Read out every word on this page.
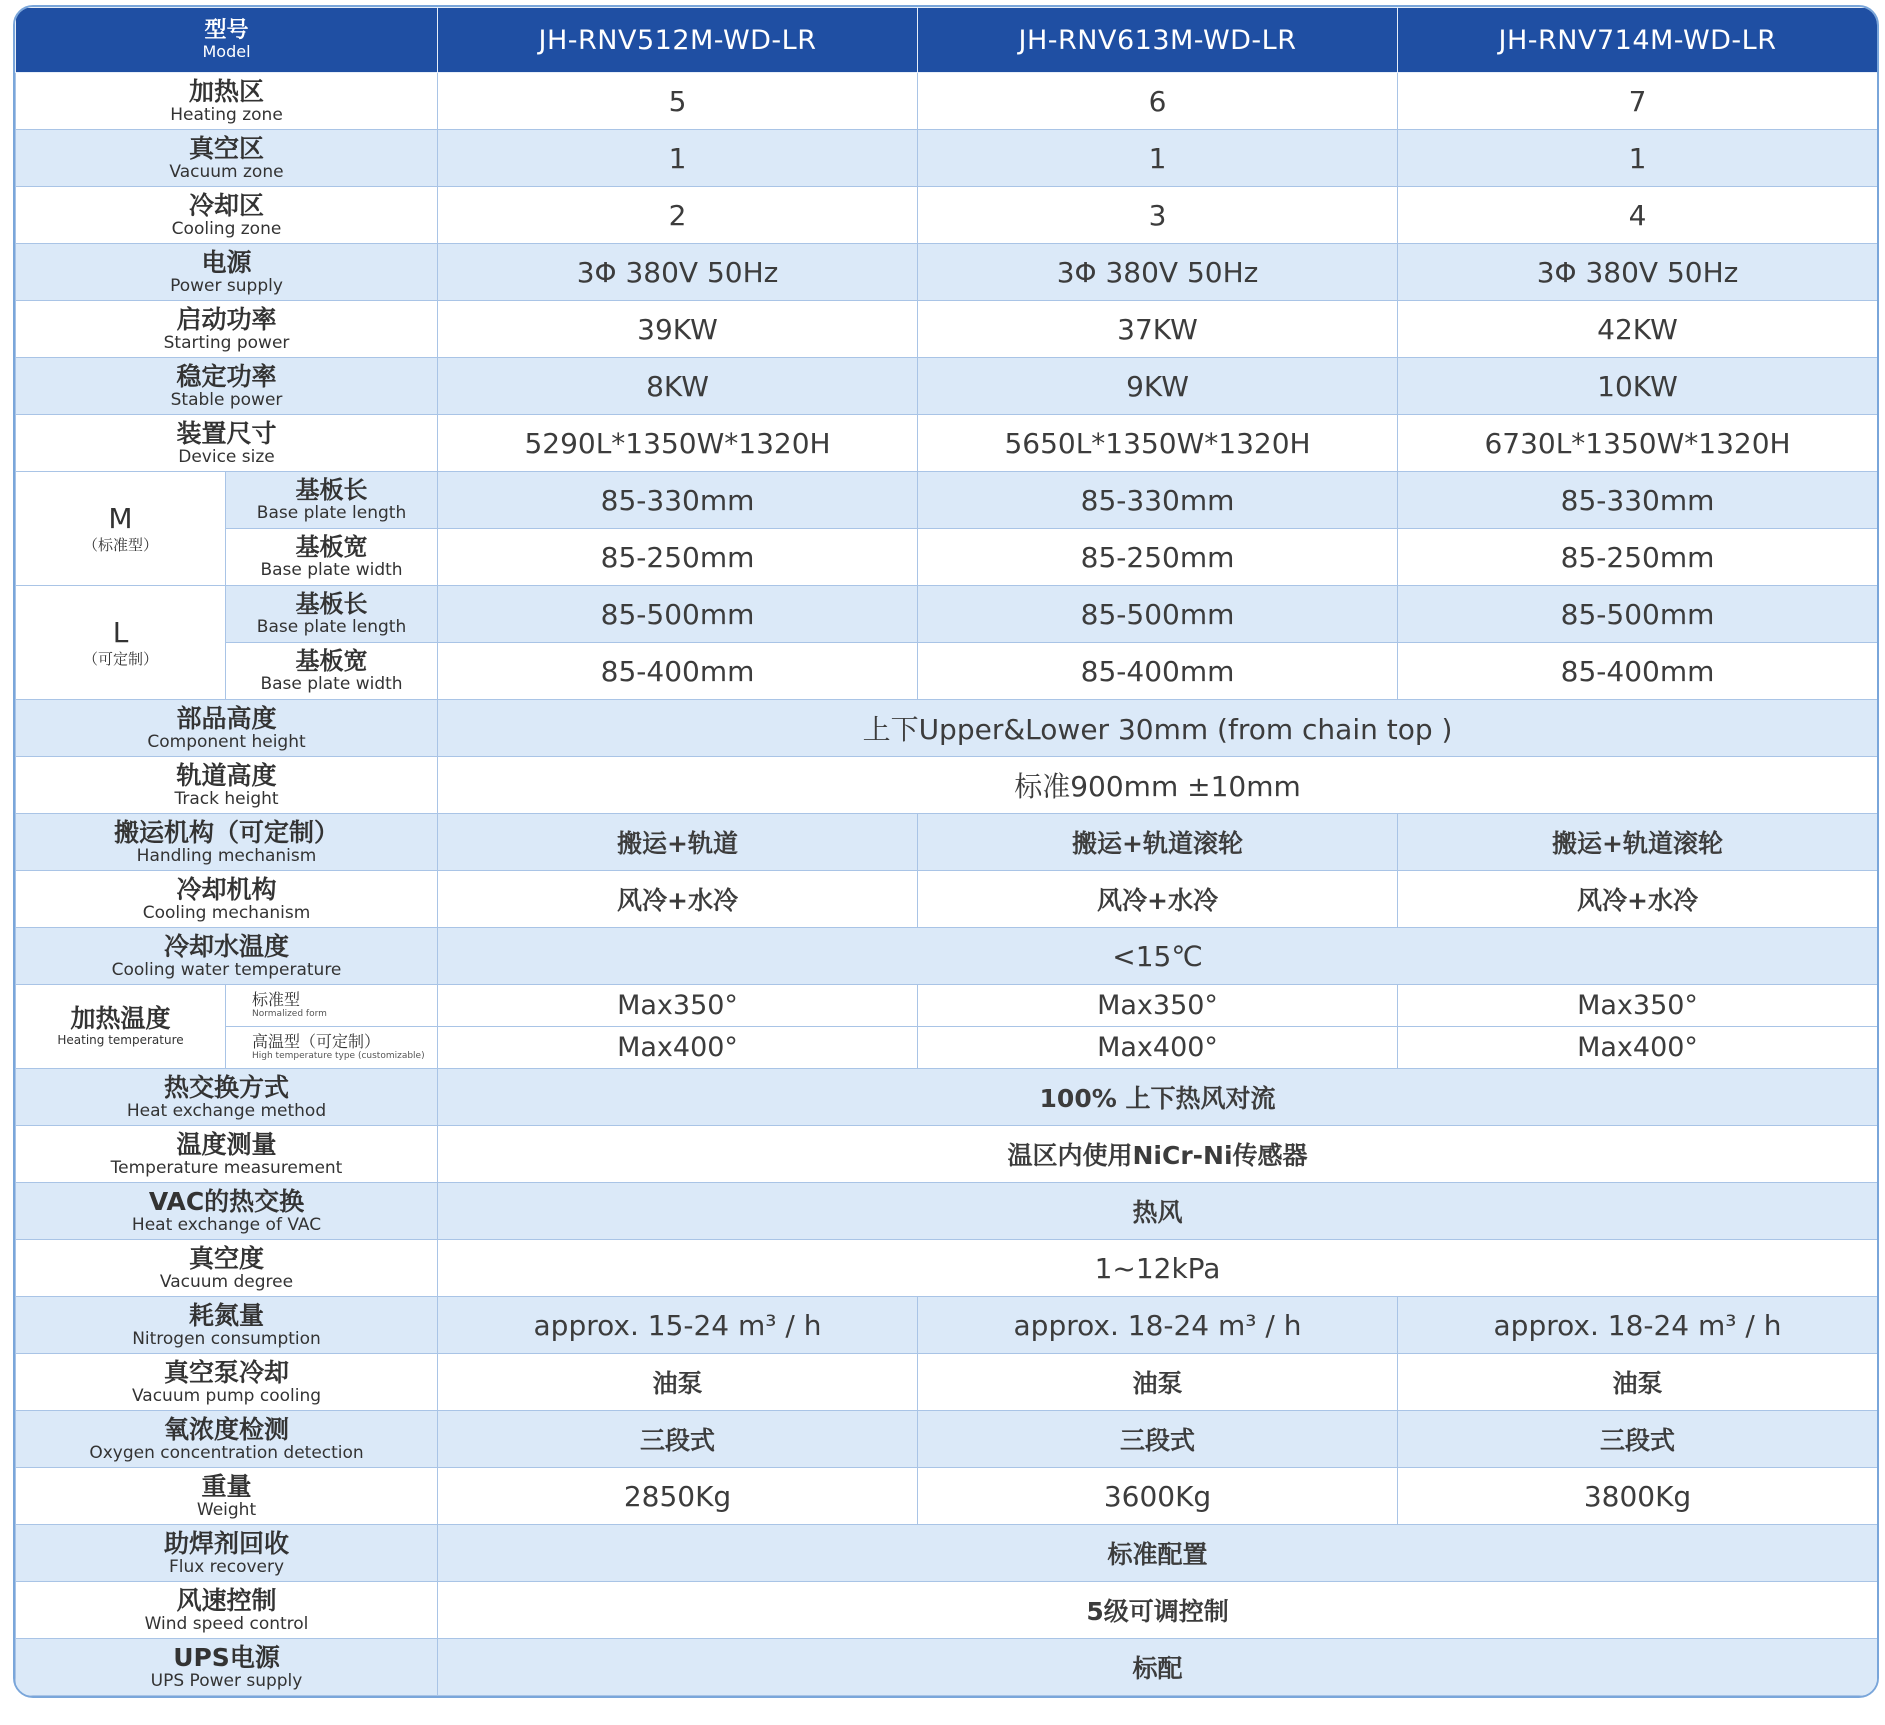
型号
Model		JH-RNV512M-WD-LR	JH-RNV613M-WD-LR	JH-RNV714M-WD-LR

加热区
Heating zone		5	6	7

真空区
Vacuum zone		1	1	1

冷却区
Cooling zone		2	3	4

电源
Power supply		3Φ 380V 50Hz	3Φ 380V 50Hz	3Φ 380V 50Hz

启动功率
Starting power		39KW	37KW	42KW

稳定功率
Stable power		8KW	9KW	10KW

装置尺寸
Device size		5290L*1350W*1320H	5650L*1350W*1320H	6730L*1350W*1320H

M
（标准型）	基板长
Base plate length	85-330mm	85-330mm	85-330mm

	基板宽
Base plate width	85-250mm	85-250mm	85-250mm

L
（可定制）	基板长
Base plate length	85-500mm	85-500mm	85-500mm

	基板宽
Base plate width	85-400mm	85-400mm	85-400mm

部品高度
Component height		上下Upper&Lower 30mm (from chain top )		

轨道高度
Track height		标准900mm ±10mm		

搬运机构（可定制）
Handling mechanism		搬运+轨道	搬运+轨道滚轮	搬运+轨道滚轮

冷却机构
Cooling mechanism		风冷+水冷	风冷+水冷	风冷+水冷

冷却水温度
Cooling water temperature		<15℃		

加热温度
Heating temperature	标准型
Normalized form	Max350°	Max350°	Max350°

	高温型（可定制）
High temperature type (customizable)	Max400°	Max400°	Max400°

热交换方式
Heat exchange method		100% 上下热风对流		

温度测量
Temperature measurement		温区内使用NiCr-Ni传感器		

VAC的热交换
Heat exchange of VAC		热风		

真空度
Vacuum degree		1~12kPa		

耗氮量
Nitrogen consumption		approx. 15-24 m³ / h	approx. 18-24 m³ / h	approx. 18-24 m³ / h

真空泵冷却
Vacuum pump cooling		油泵	油泵	油泵

氧浓度检测
Oxygen concentration detection		三段式	三段式	三段式

重量
Weight		2850Kg	3600Kg	3800Kg

助焊剂回收
Flux recovery		标准配置		

风速控制
Wind speed control		5级可调控制		

UPS电源
UPS Power supply		标配		
